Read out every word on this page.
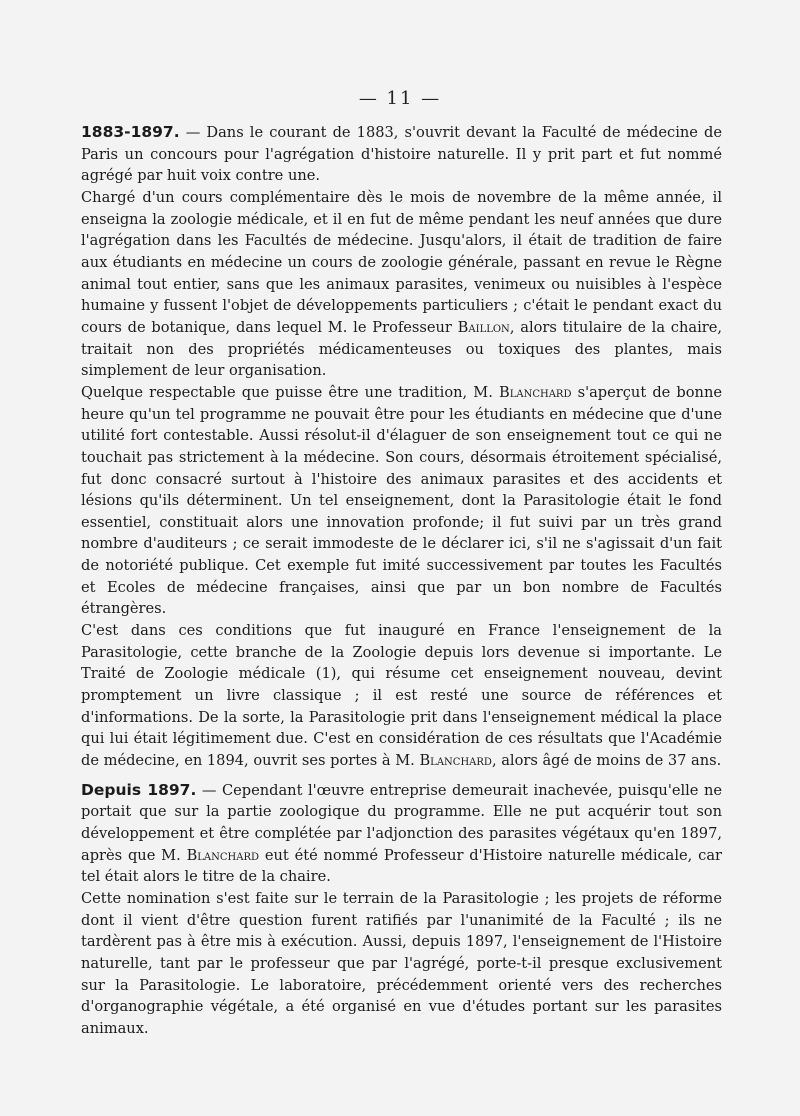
— 11 —

1883-1897. — Dans le courant de 1883, s'ouvrit devant la Faculté de médecine de Paris un concours pour l'agrégation d'histoire naturelle. Il y prit part et fut nommé agrégé par huit voix contre une.

Chargé d'un cours complémentaire dès le mois de novembre de la même année, il enseigna la zoologie médicale, et il en fut de même pendant les neuf années que dure l'agrégation dans les Facultés de médecine. Jusqu'alors, il était de tradition de faire aux étudiants en médecine un cours de zoologie générale, passant en revue le Règne animal tout entier, sans que les animaux parasites, venimeux ou nuisibles à l'espèce humaine y fussent l'objet de développements particuliers ; c'était le pendant exact du cours de botanique, dans lequel M. le Professeur Baillon, alors titulaire de la chaire, traitait non des propriétés médicamenteuses ou toxiques des plantes, mais simplement de leur organisation.

Quelque respectable que puisse être une tradition, M. Blanchard s'aperçut de bonne heure qu'un tel programme ne pouvait être pour les étudiants en médecine que d'une utilité fort contestable. Aussi résolut-il d'élaguer de son enseignement tout ce qui ne touchait pas strictement à la médecine. Son cours, désormais étroitement spécialisé, fut donc consacré surtout à l'histoire des animaux parasites et des accidents et lésions qu'ils déterminent. Un tel enseignement, dont la Parasitologie était le fond essentiel, constituait alors une innovation profonde; il fut suivi par un très grand nombre d'auditeurs ; ce serait immodeste de le déclarer ici, s'il ne s'agissait d'un fait de notoriété publique. Cet exemple fut imité successivement par toutes les Facultés et Ecoles de médecine françaises, ainsi que par un bon nombre de Facultés étrangères.

C'est dans ces conditions que fut inauguré en France l'enseignement de la Parasitologie, cette branche de la Zoologie depuis lors devenue si importante. Le Traité de Zoologie médicale (1), qui résume cet enseignement nouveau, devint promptement un livre classique ; il est resté une source de références et d'informations. De la sorte, la Parasitologie prit dans l'enseignement médical la place qui lui était légitimement due. C'est en considération de ces résultats que l'Académie de médecine, en 1894, ouvrit ses portes à M. Blanchard, alors âgé de moins de 37 ans.

Depuis 1897. — Cependant l'œuvre entreprise demeurait inachevée, puisqu'elle ne portait que sur la partie zoologique du programme. Elle ne put acquérir tout son développement et être complétée par l'adjonction des parasites végétaux qu'en 1897, après que M. Blanchard eut été nommé Professeur d'Histoire naturelle médicale, car tel était alors le titre de la chaire.

Cette nomination s'est faite sur le terrain de la Parasitologie ; les projets de réforme dont il vient d'être question furent ratifiés par l'unanimité de la Faculté ; ils ne tardèrent pas à être mis à exécution. Aussi, depuis 1897, l'enseignement de l'Histoire naturelle, tant par le professeur que par l'agrégé, porte-t-il presque exclusivement sur la Parasitologie. Le laboratoire, précédemment orienté vers des recherches d'organographie végétale, a été organisé en vue d'études portant sur les parasites animaux.
